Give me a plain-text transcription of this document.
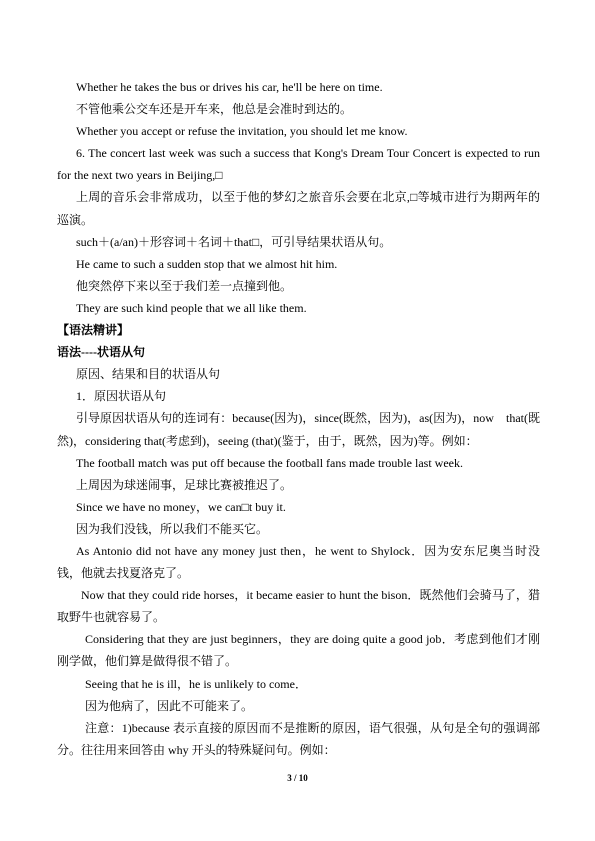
Whether he takes the bus or drives his car, he'll be here on time.
不管他乘公交车还是开车来，他总是会准时到达的。
Whether you accept or refuse the invitation, you should let me know.
6. The concert last week was such a success that Kong's Dream Tour Concert is expected to run
for the next two years in Beijing,□
上周的音乐会非常成功，以至于他的梦幻之旅音乐会要在北京,□等城市进行为期两年的
巡演。
such＋(a/an)＋形容词＋名词＋that□，可引导结果状语从句。
He came to such a sudden stop that we almost hit him.
他突然停下来以至于我们差一点撞到他。
They are such kind people that we all like them.
【语法精讲】
语法----状语从句
原因、结果和目的状语从句
1．原因状语从句
引导原因状语从句的连词有：because(因为)，since(既然，因为)，as(因为)，now　that(既
然)，considering that(考虑到)，seeing (that)(鉴于，由于，既然，因为)等。例如：
The football match was put off because the football fans made trouble last week.
上周因为球迷闹事，足球比赛被推迟了。
Since we have no money，we can□t buy it.
因为我们没钱，所以我们不能买它。
As Antonio did not have any money just then，he went to Shylock．因为安东尼奥当时没
钱，他就去找夏洛克了。
Now that they could ride horses，it became easier to hunt the bison．既然他们会骑马了，猎
取野牛也就容易了。
Considering that they are just beginners，they are doing quite a good job．考虑到他们才刚
刚学做，他们算是做得很不错了。
Seeing that he is ill，he is unlikely to come．
因为他病了，因此不可能来了。
注意：1)because 表示直接的原因而不是推断的原因，语气很强，从句是全句的强调部
分。往往用来回答由 why 开头的特殊疑问句。例如：
3 / 10
